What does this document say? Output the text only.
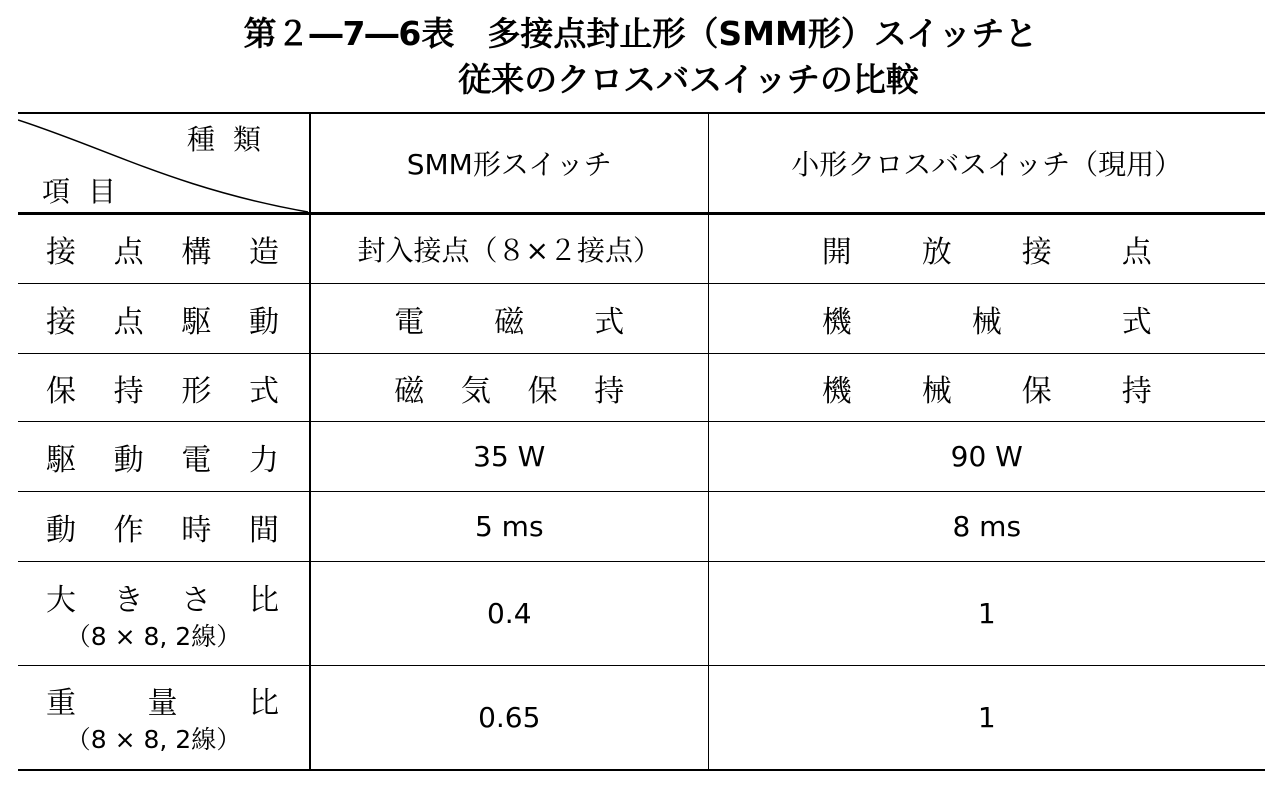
第２―7―6表　多接点封止形（SMM形）スイッチと
従来のクロスバスイッチの比較
種類
項目	SMM形スイッチ	小形クロスバスイッチ（現用）

接 点 構 造	封入接点（８×２接点）	開 放 接 点

接 点 駆 動	電 磁 式	機 械 式

保 持 形 式	磁 気 保 持	機 械 保 持

駆 動 電 力	35 W	90 W

動 作 時 間	5 ms	8 ms

大 き さ 比
（8 × 8, 2線）	0.4	1

重 量 比
（8 × 8, 2線）	0.65	1
